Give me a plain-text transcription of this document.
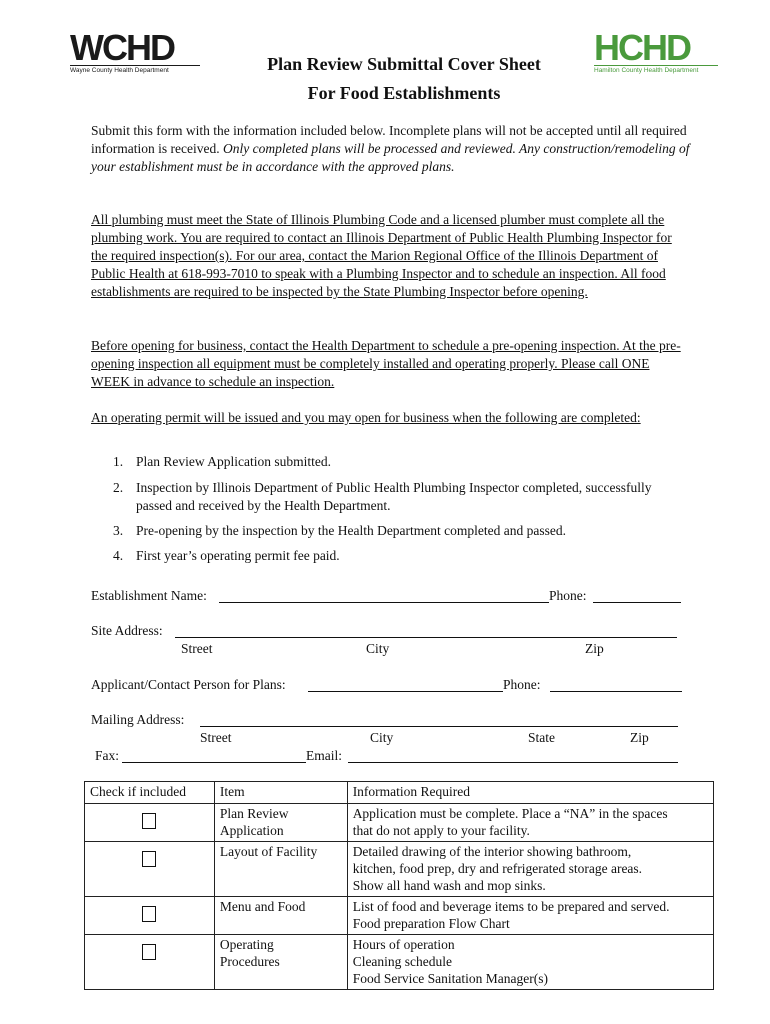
WCHD
Wayne County Health Department
HCHD
Hamilton County Health Department
Plan Review Submittal Cover Sheet
For Food Establishments

Submit this form with the information included below. Incomplete plans will not be accepted until all required information is received. Only completed plans will be processed and reviewed. Any construction/remodeling of your establishment must be in accordance with the approved plans.

All plumbing must meet the State of Illinois Plumbing Code and a licensed plumber must complete all the plumbing work. You are required to contact an Illinois Department of Public Health Plumbing Inspector for the required inspection(s). For our area, contact the Marion Regional Office of the Illinois Department of Public Health at 618-993-7010 to speak with a Plumbing Inspector and to schedule an inspection. All food establishments are required to be inspected by the State Plumbing Inspector before opening.

Before opening for business, contact the Health Department to schedule a pre-opening inspection. At the pre-opening inspection all equipment must be completely installed and operating properly. Please call ONE WEEK in advance to schedule an inspection.

An operating permit will be issued and you may open for business when the following are completed:

1. Plan Review Application submitted.
2. Inspection by Illinois Department of Public Health Plumbing Inspector completed, successfully passed and received by the Health Department.
3. Pre-opening by the inspection by the Health Department completed and passed.
4. First year’s operating permit fee paid.
Establishment Name:	Phone:
Site Address:
Street	City	Zip
Applicant/Contact Person for Plans:	Phone:
Mailing Address:
Street	City	State	Zip
Fax:	Email:
Check if included	Item	Information Required

	Plan Review
Application	Application must be complete. Place a “NA” in the spaces
that do not apply to your facility.

	Layout of Facility	Detailed drawing of the interior showing bathroom,
kitchen, food prep, dry and refrigerated storage areas.
Show all hand wash and mop sinks.

	Menu and Food	List of food and beverage items to be prepared and served.
Food preparation Flow Chart

	Operating
Procedures	Hours of operation
Cleaning schedule
Food Service Sanitation Manager(s)
